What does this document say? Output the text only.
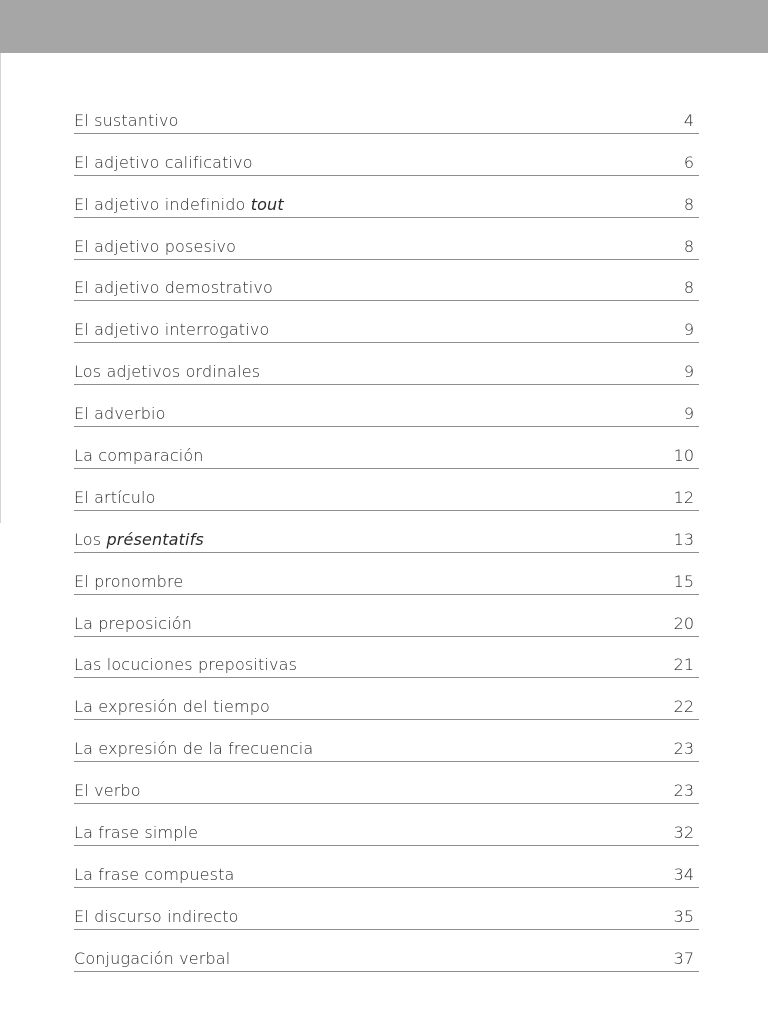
El sustantivo	4
El adjetivo calificativo	6
El adjetivo indefinido tout	8
El adjetivo posesivo	8
El adjetivo demostrativo	8
El adjetivo interrogativo	9
Los adjetivos ordinales	9
El adverbio	9
La comparación	10
El artículo	12
Los présentatifs	13
El pronombre	15
La preposición	20
Las locuciones prepositivas	21
La expresión del tiempo	22
La expresión de la frecuencia	23
El verbo	23
La frase simple	32
La frase compuesta	34
El discurso indirecto	35
Conjugación verbal	37
